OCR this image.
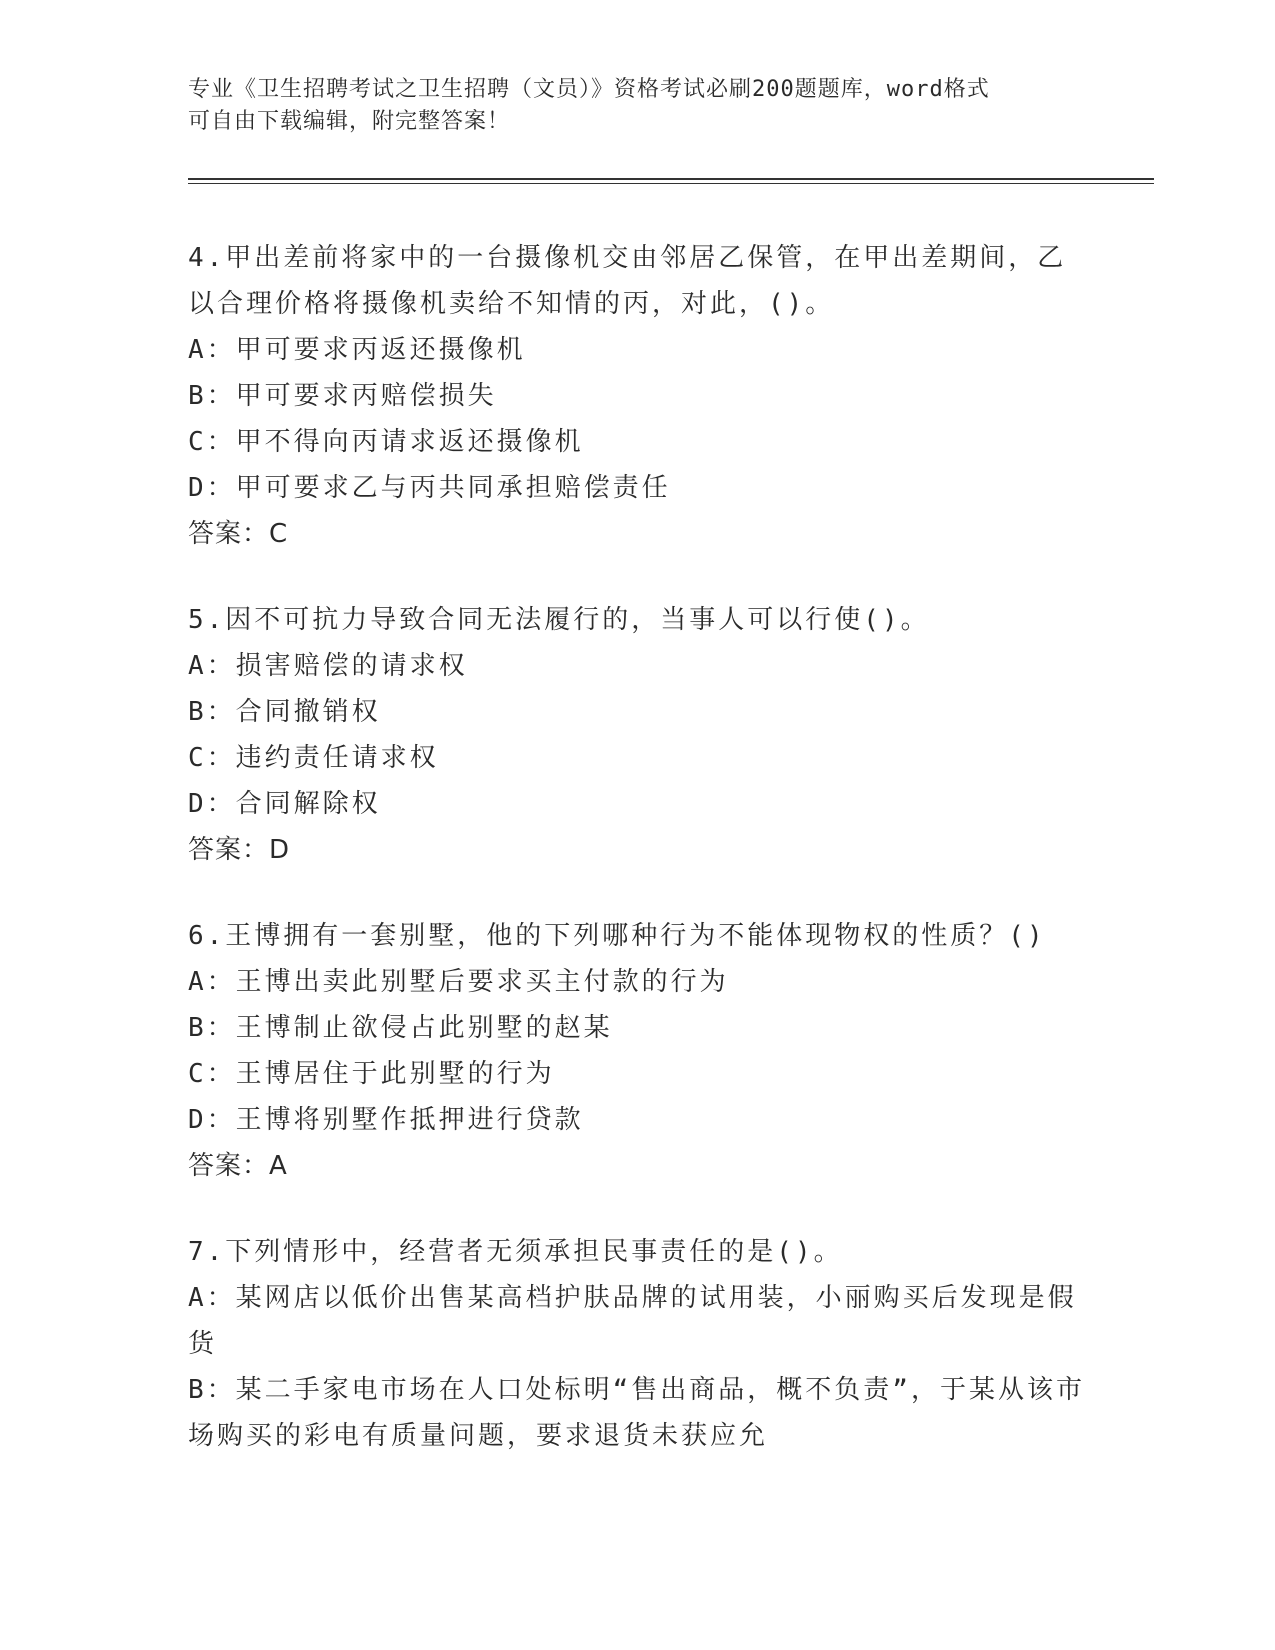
专业《卫生招聘考试之卫生招聘（文员）》资格考试必刷200题题库，word格式
可自由下载编辑，附完整答案！
4.甲出差前将家中的一台摄像机交由邻居乙保管，在甲出差期间，乙以合理价格将摄像机卖给不知情的丙，对此，()。
A：甲可要求丙返还摄像机
B：甲可要求丙赔偿损失
C：甲不得向丙请求返还摄像机
D：甲可要求乙与丙共同承担赔偿责任
答案：C
5.因不可抗力导致合同无法履行的，当事人可以行使()。
A：损害赔偿的请求权
B：合同撤销权
C：违约责任请求权
D：合同解除权
答案：D
6.王博拥有一套别墅，他的下列哪种行为不能体现物权的性质？()
A：王博出卖此别墅后要求买主付款的行为
B：王博制止欲侵占此别墅的赵某
C：王博居住于此别墅的行为
D：王博将别墅作抵押进行贷款
答案：A
7.下列情形中，经营者无须承担民事责任的是()。
A：某网店以低价出售某高档护肤品牌的试用装，小丽购买后发现是假货
B：某二手家电市场在人口处标明“售出商品，概不负责”，于某从该市场购买的彩电有质量问题，要求退货未获应允
